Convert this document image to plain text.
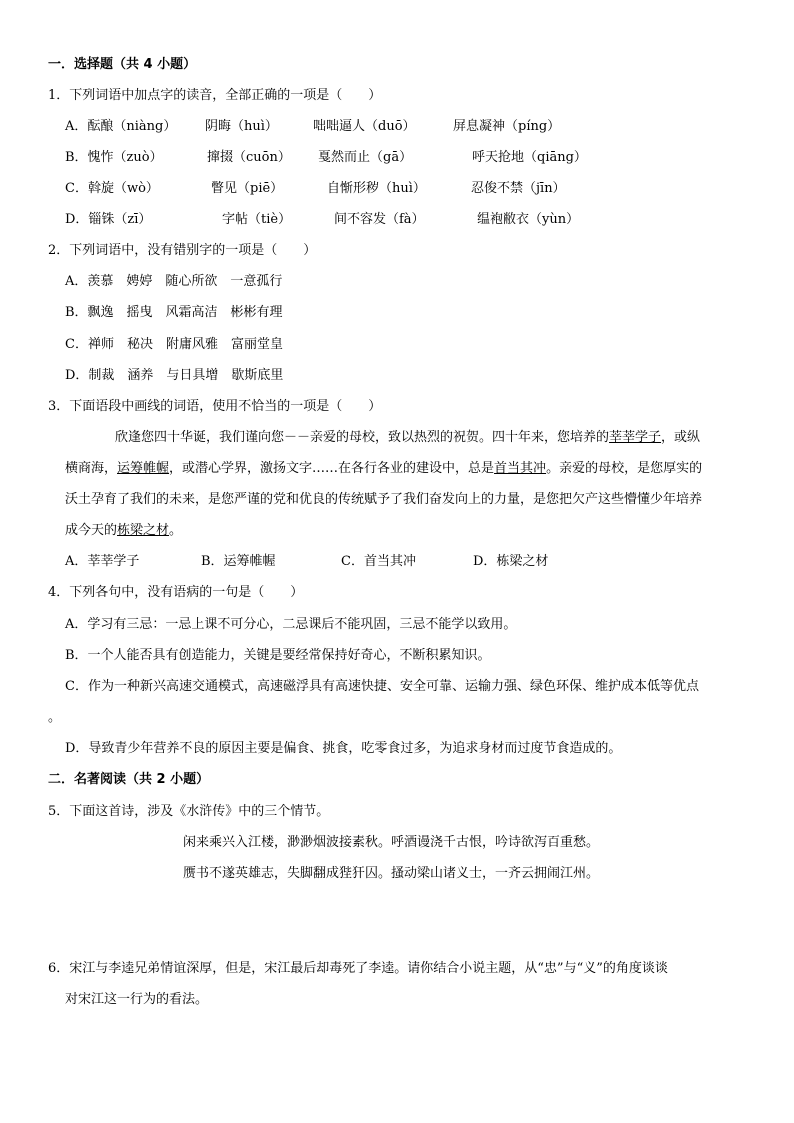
一．选择题（共 4 小题）
1．下列词语中加点字的读音，全部正确的一项是（　　）
A．酝酿（niàng） 阴晦（huì）	咄咄逼人（duō）	屏息凝神（píng）
B．愧怍（zuò）	撺掇（cuōn） 戛然而止（gā）	呼天抢地（qiāng）
C．斡旋（wò）	瞥见（piē）	自惭形秽（huì）	忍俊不禁（jīn）
D．锱铢（zī）	字帖（tiè）	间不容发（fà）	缊袍敝衣（yùn）
2．下列词语中，没有错别字的一项是（　　）
A．羡慕　娉婷　随心所欲　一意孤行
B．飘逸　摇曳　风霜高洁　彬彬有理
C．禅师　秘决　附庸风雅　富丽堂皇
D．制裁　涵养　与日具增　歇斯底里
3．下面语段中画线的词语，使用不恰当的一项是（　　）
欣逢您四十华诞，我们谨向您－－亲爱的母校，致以热烈的祝贺。四十年来，您培养的莘莘学子，或纵
横商海，运筹帷幄，或潜心学界，激扬文字……在各行各业的建设中，总是首当其冲。亲爱的母校，是您厚实的
沃土孕育了我们的未来，是您严谨的党和优良的传统赋予了我们奋发向上的力量，是您把欠产这些懵懂少年培养
成今天的栋梁之材。
A．莘莘学子	B．运筹帷幄	C．首当其冲	D．栋梁之材
4．下列各句中，没有语病的一句是（　　）
A．学习有三忌：一忌上课不可分心，二忌课后不能巩固，三忌不能学以致用。
B．一个人能否具有创造能力，关键是要经常保持好奇心，不断积累知识。
C．作为一种新兴高速交通模式，高速磁浮具有高速快捷、安全可靠、运输力强、绿色环保、维护成本低等优点
。
D．导致青少年营养不良的原因主要是偏食、挑食，吃零食过多，为追求身材而过度节食造成的。
二．名著阅读（共 2 小题）
5．下面这首诗，涉及《水浒传》中的三个情节。
闲来乘兴入江楼，渺渺烟波接素秋。呼酒谩浇千古恨，吟诗欲泻百重愁。
赝书不遂英雄志，失脚翻成狴犴囚。搔动梁山诸义士，一齐云拥闹江州。
6．宋江与李逵兄弟情谊深厚，但是，宋江最后却毒死了李逵。请你结合小说主题，从“忠”与“义”的角度谈谈
对宋江这一行为的看法。
